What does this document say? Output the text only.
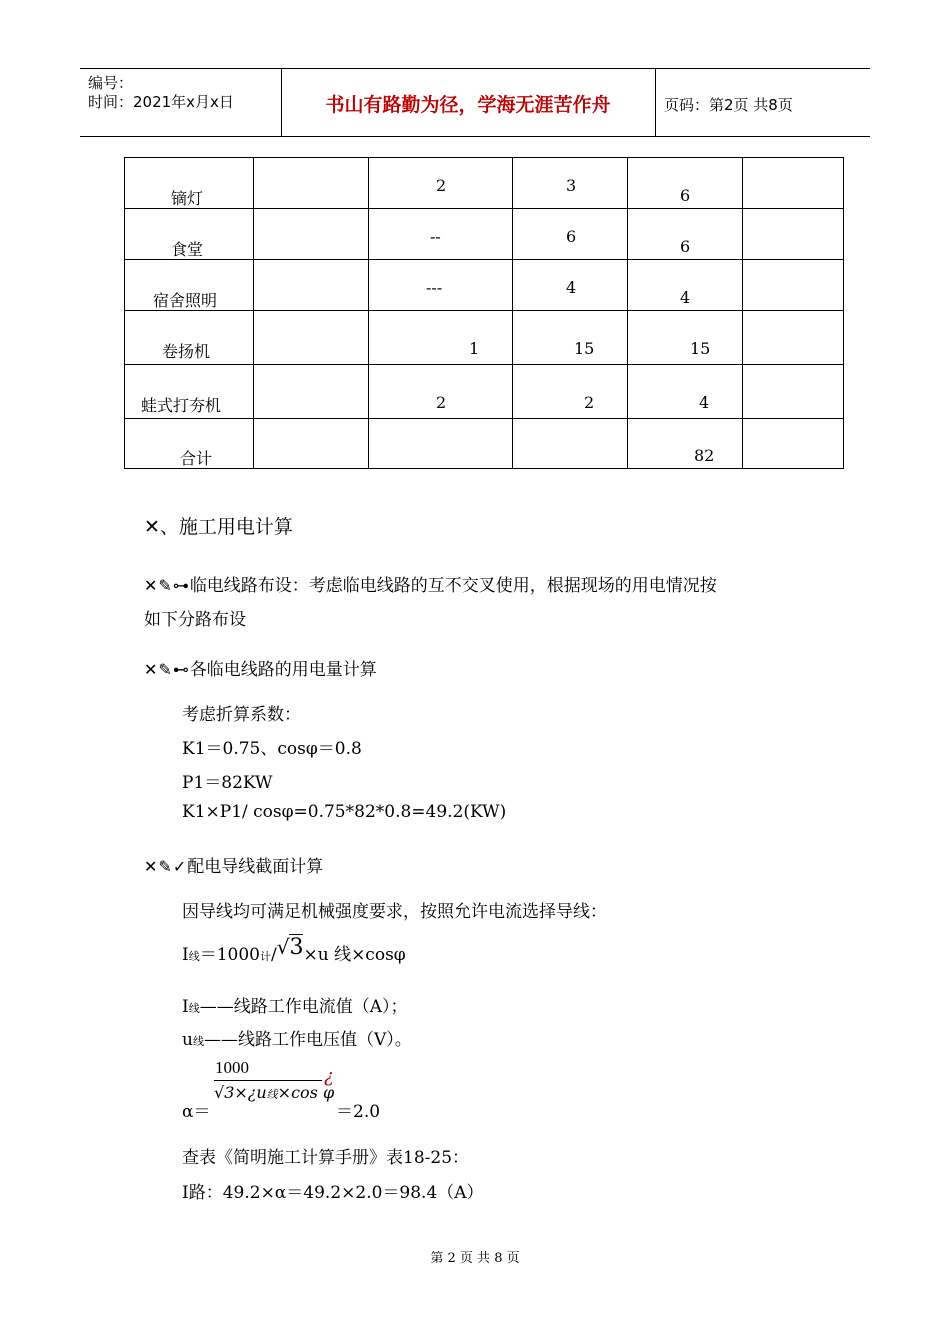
编号：
时间：2021年x月x日	书山有路勤为径，学海无涯苦作舟	页码：第2页 共8页
镝灯		2	3	6	

食堂		--	6	6	

宿舍照明		---	4	4	

卷扬机		1	15	15	

蛙式打夯机		2	2	4	

合计				82	

✕、施工用电计算
✕✎⊶临电线路布设：考虑临电线路的互不交叉使用，根据现场的用电情况按
如下分路布设
✕✎⊷各临电线路的用电量计算
考虑折算系数：
K1＝0.75、cosφ＝0.8
P1＝82KW
K1×P1/ cosφ=0.75*82*0.8=49.2(KW)
✕✎✓配电导线截面计算
因导线均可满足机械强度要求，按照允许电流选择导线：
I线＝1000计/√3×u 线×cosφ
I线——线路工作电流值（A）；
u线——线路工作电压值（V）。
α＝
1000
√3×¿u线×cos φ
¿
＝2.0
查表《简明施工计算手册》表18-25：
Ⅰ路：49.2×α＝49.2×2.0＝98.4（A）
第 2 页 共 8 页
